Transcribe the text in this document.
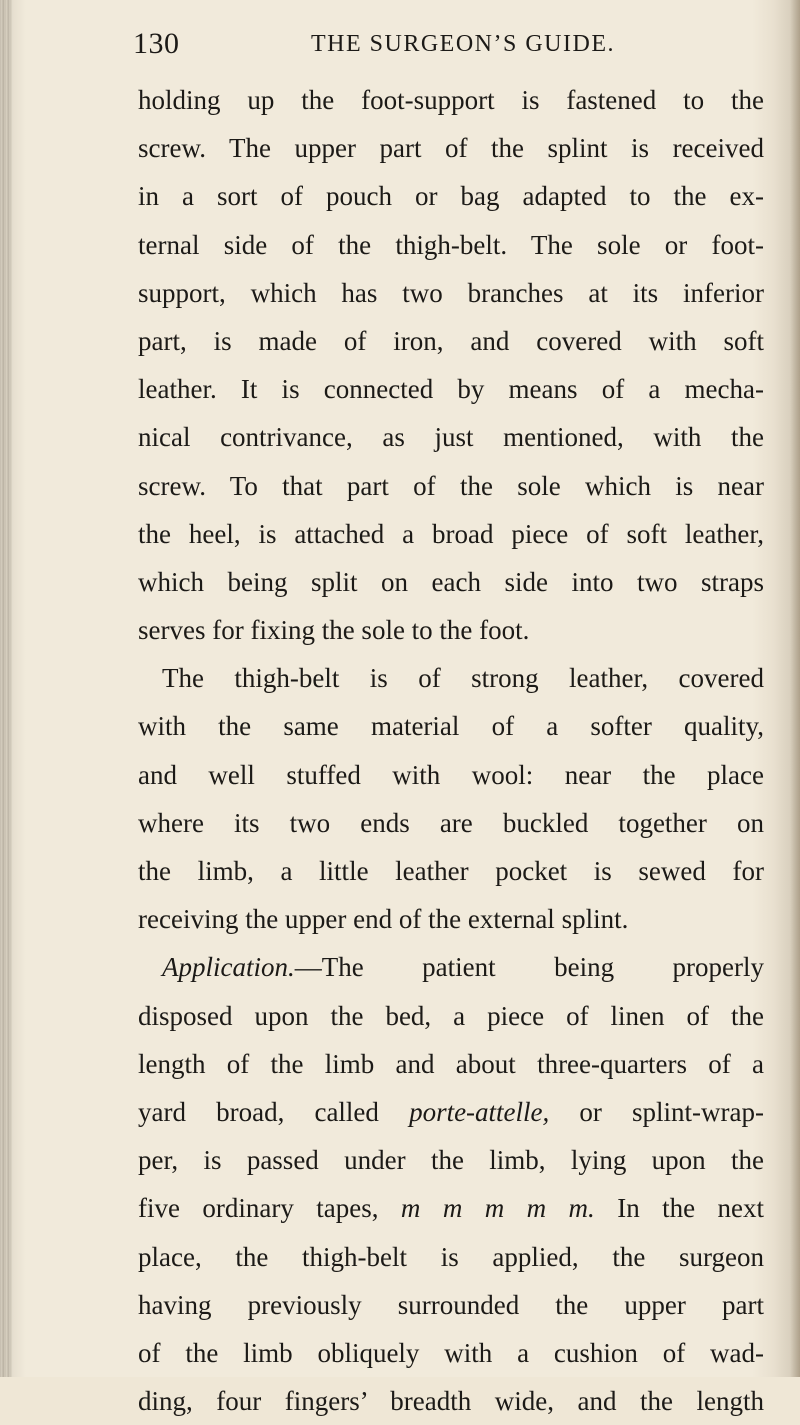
130	THE SURGEON’S GUIDE.
holding up the foot-support is fastened to the
screw. The upper part of the splint is received
in a sort of pouch or bag adapted to the ex-
ternal side of the thigh-belt. The sole or foot-
support, which has two branches at its inferior
part, is made of iron, and covered with soft
leather. It is connected by means of a mecha-
nical contrivance, as just mentioned, with the
screw. To that part of the sole which is near
the heel, is attached a broad piece of soft leather,
which being split on each side into two straps
serves for fixing the sole to the foot.
The thigh-belt is of strong leather, covered
with the same material of a softer quality,
and well stuffed with wool: near the place
where its two ends are buckled together on
the limb, a little leather pocket is sewed for
receiving the upper end of the external splint.
Application.—The patient being properly
disposed upon the bed, a piece of linen of the
length of the limb and about three-quarters of a
yard broad, called porte-attelle, or splint-wrap-
per, is passed under the limb, lying upon the
five ordinary tapes, m m m m m. In the next
place, the thigh-belt is applied, the surgeon
having previously surrounded the upper part
of the limb obliquely with a cushion of wad-
ding, four fingers’ breadth wide, and the length
